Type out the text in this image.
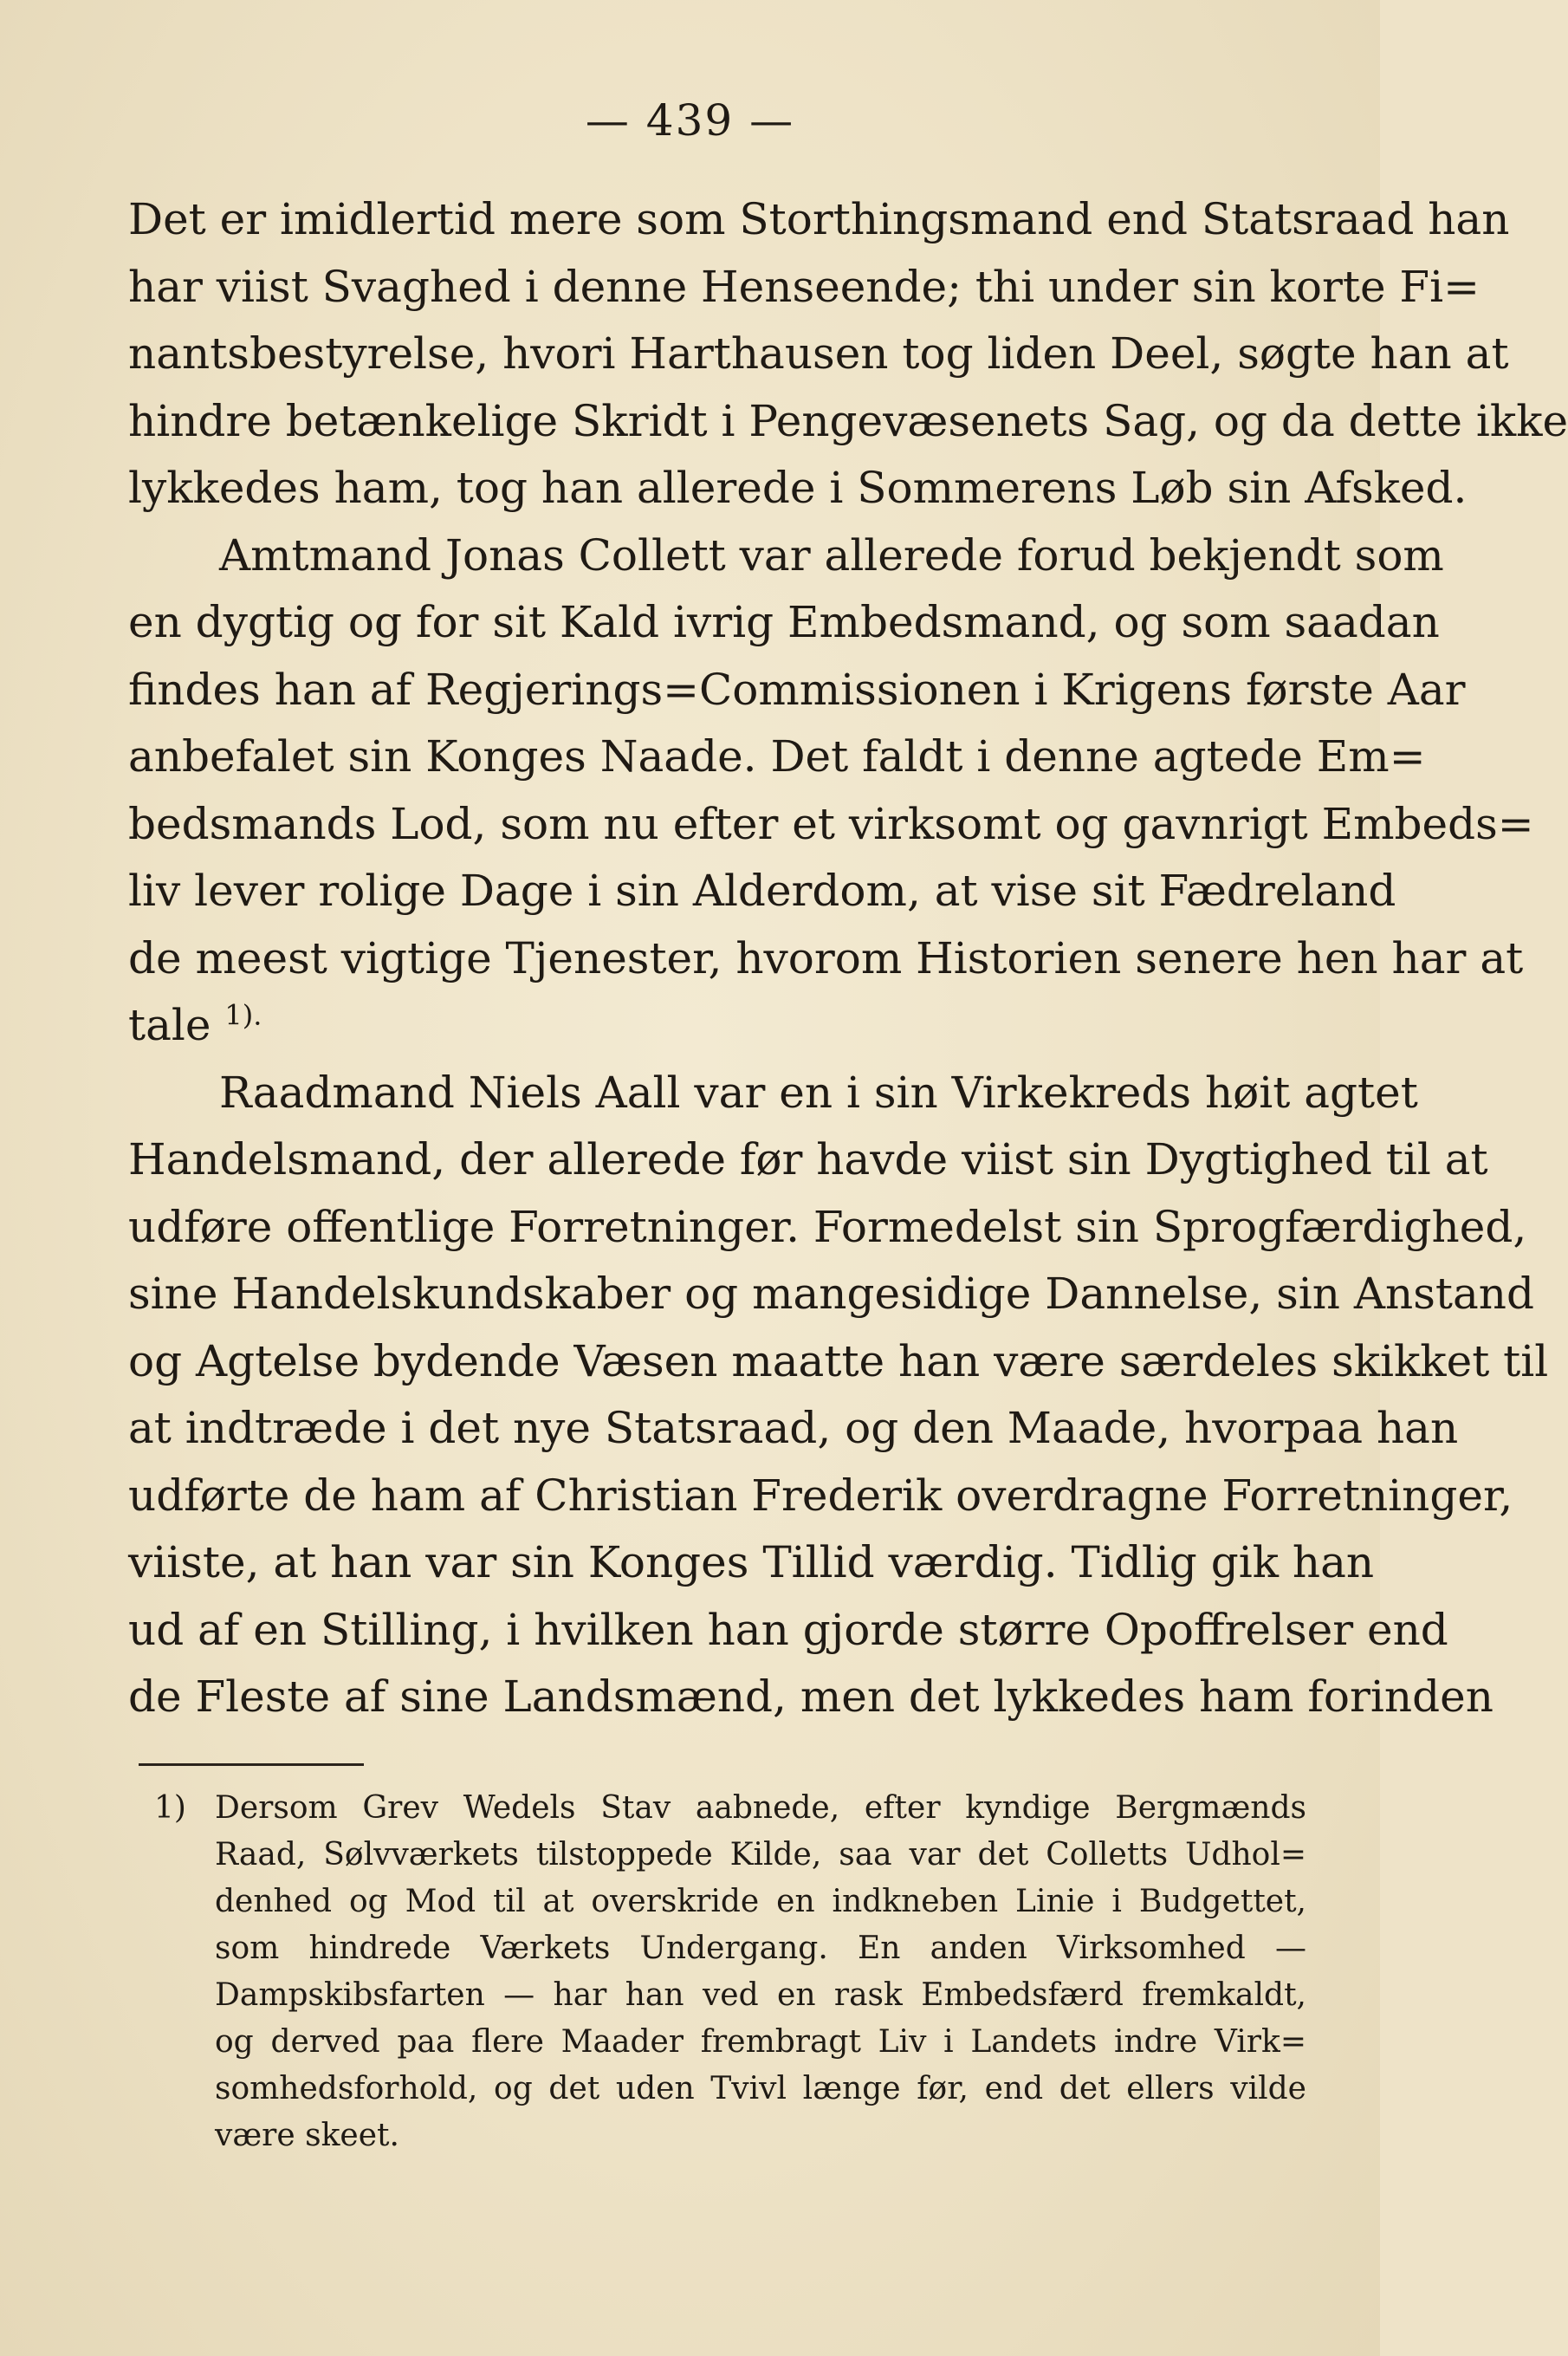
— 439 —
Det er imidlertid mere som Storthingsmand end Statsraad han
har viist Svaghed i denne Henseende; thi under sin korte Fi=
nantsbestyrelse, hvori Harthausen tog liden Deel, søgte han at
hindre betænkelige Skridt i Pengevæsenets Sag, og da dette ikke
lykkedes ham, tog han allerede i Sommerens Løb sin Afsked.
Amtmand Jonas Collett var allerede forud bekjendt som
en dygtig og for sit Kald ivrig Embedsmand, og som saadan
findes han af Regjerings=Commissionen i Krigens første Aar
anbefalet sin Konges Naade. Det faldt i denne agtede Em=
bedsmands Lod, som nu efter et virksomt og gavnrigt Embeds=
liv lever rolige Dage i sin Alderdom, at vise sit Fædreland
de meest vigtige Tjenester, hvorom Historien senere hen har at
tale $^{1).}$
Raadmand Niels Aall var en i sin Virkekreds høit agtet
Handelsmand, der allerede før havde viist sin Dygtighed til at
udføre offentlige Forretninger. Formedelst sin Sprogfærdighed,
sine Handelskundskaber og mangesidige Dannelse, sin Anstand
og Agtelse bydende Væsen maatte han være særdeles skikket til
at indtræde i det nye Statsraad, og den Maade, hvorpaa han
udførte de ham af Christian Frederik overdragne Forretninger,
viiste, at han var sin Konges Tillid værdig. Tidlig gik han
ud af en Stilling, i hvilken han gjorde større Opoffrelser end
de Fleste af sine Landsmænd, men det lykkedes ham forinden
1) Dersom Grev Wedels Stav aabnede, efter kyndige Bergmænds
Raad, Sølvværkets tilstoppede Kilde, saa var det Colletts Udhol=
denhed og Mod til at overskride en indkneben Linie i Budgettet,
som hindrede Værkets Undergang. En anden Virksomhed —
Dampskibsfarten — har han ved en rask Embedsfærd fremkaldt,
og derved paa flere Maader frembragt Liv i Landets indre Virk=
somhedsforhold, og det uden Tvivl længe før, end det ellers vilde
være skeet.
